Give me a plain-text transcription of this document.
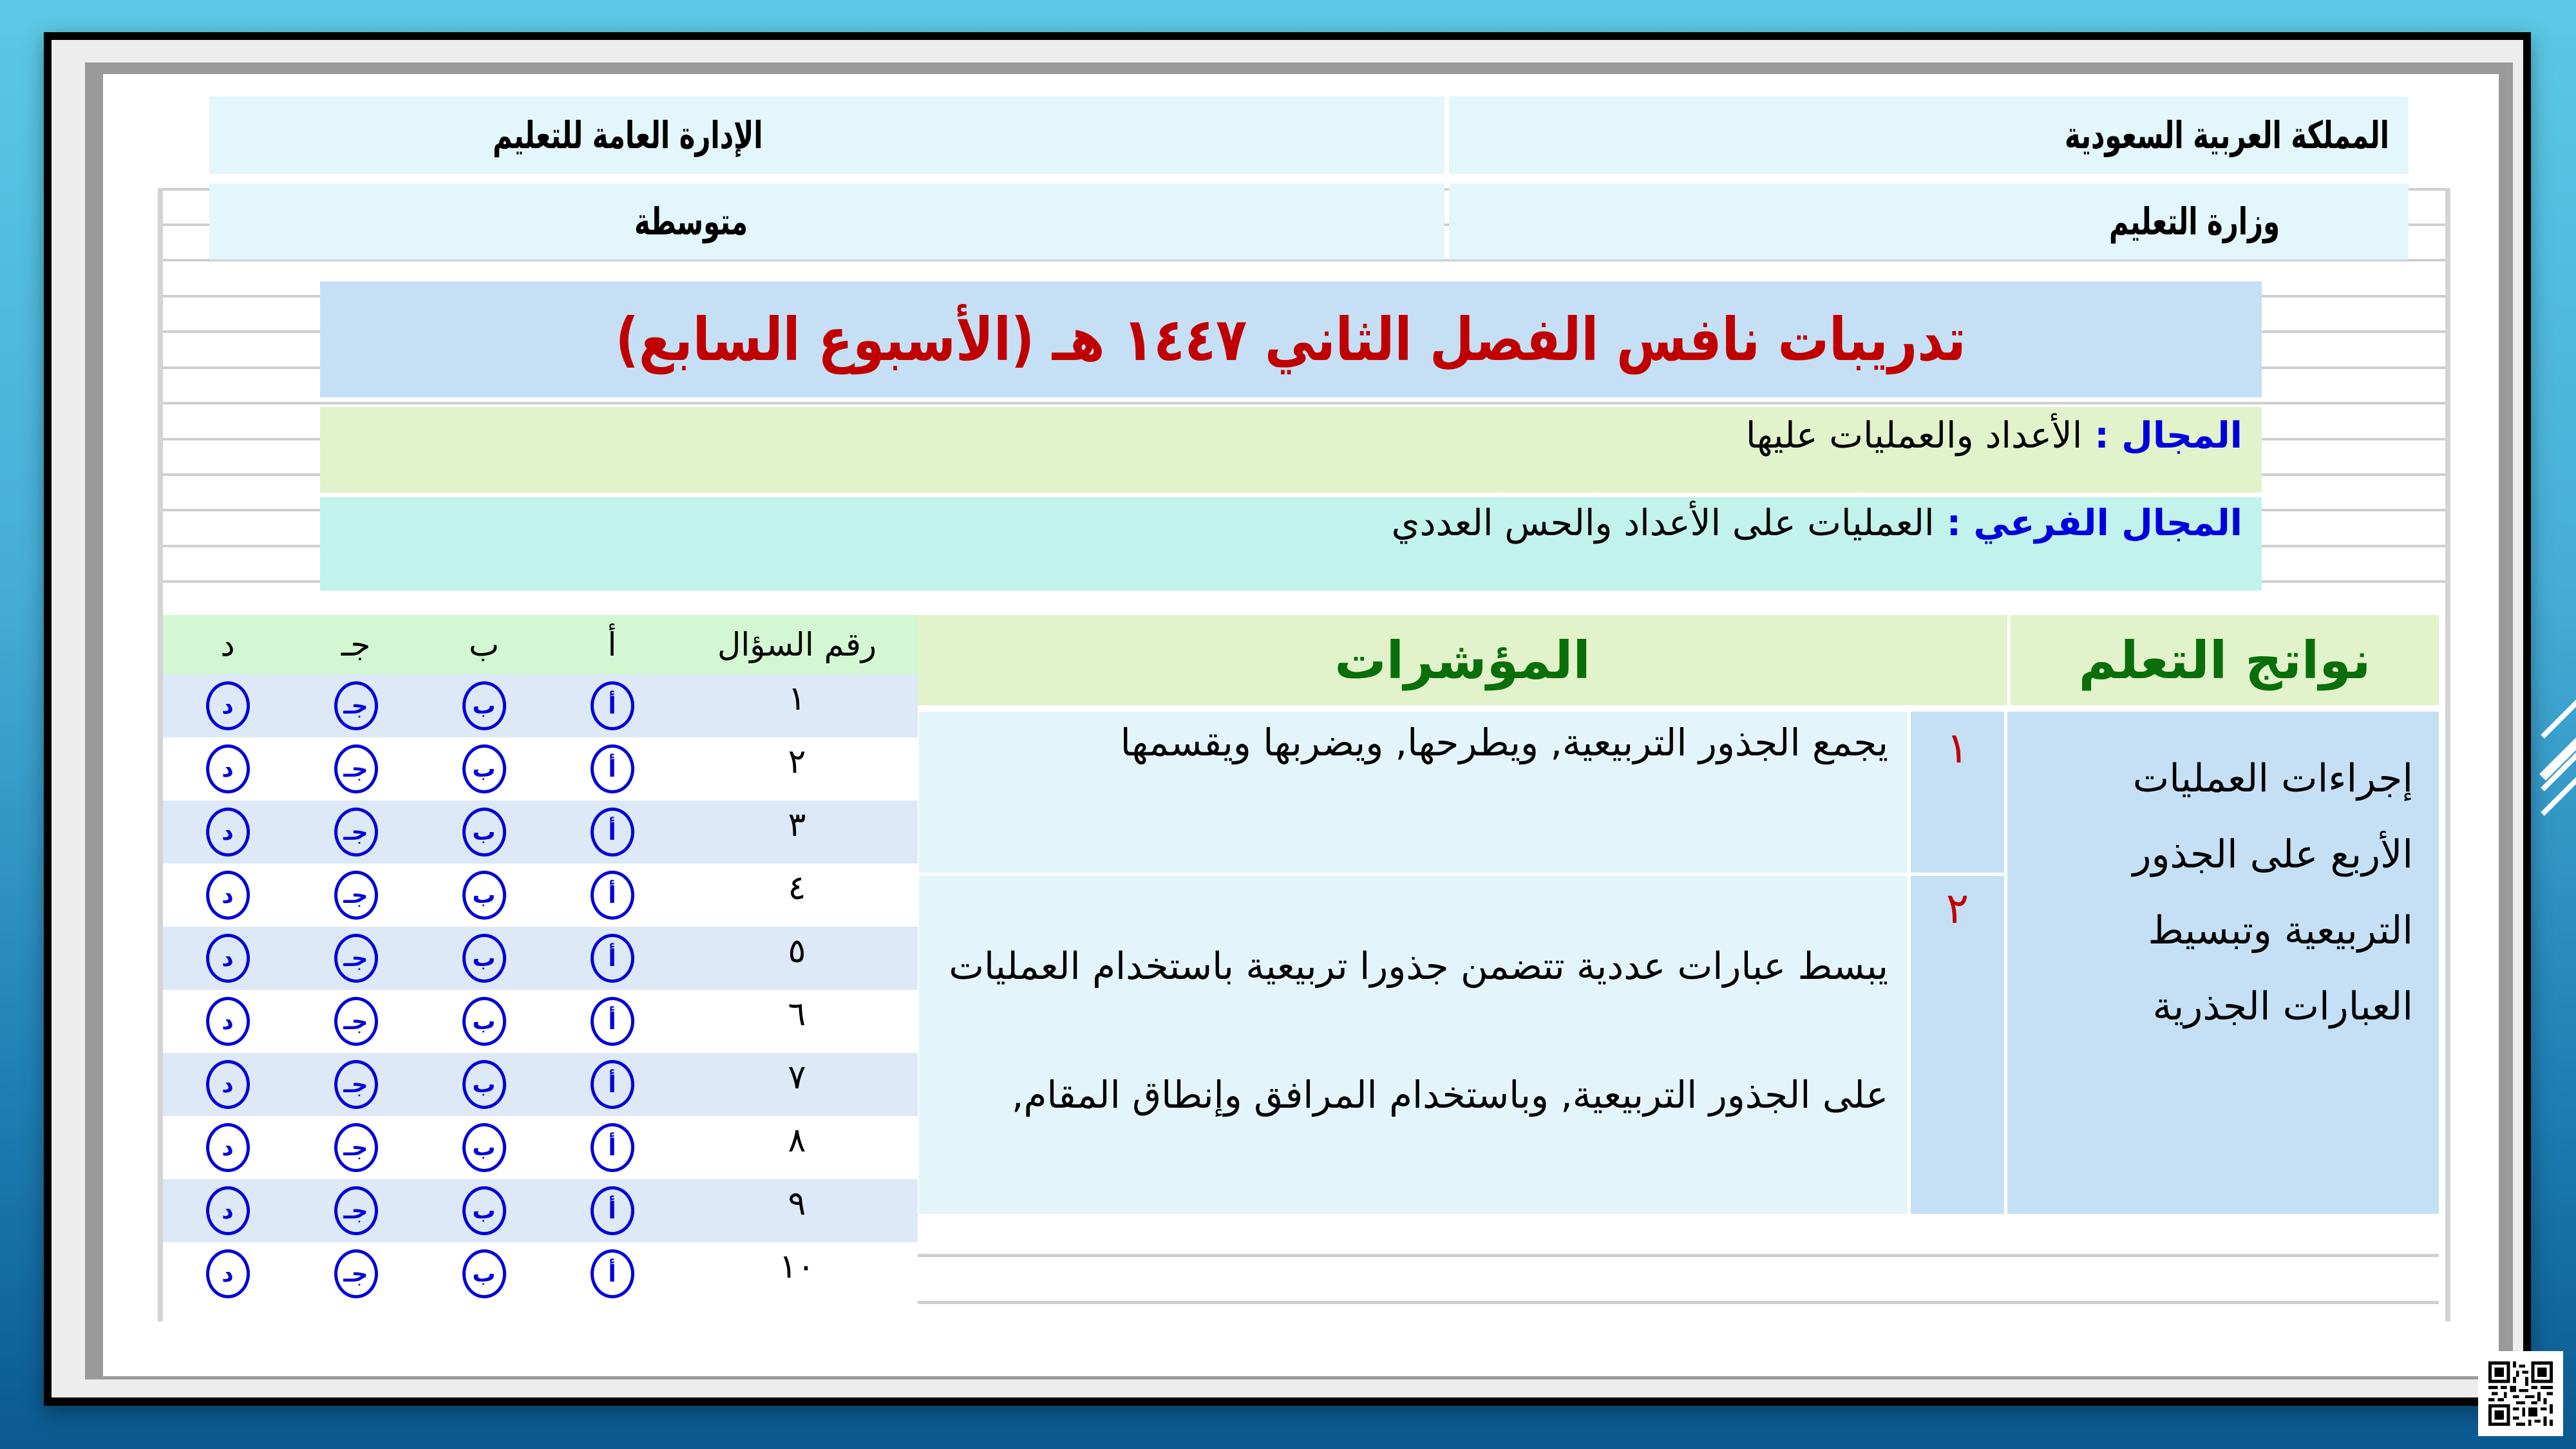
المملكة العربية السعودية
وزارة التعليم
الإدارة العامة للتعليم
متوسطة
تدريبات نافس الفصل الثاني ١٤٤٧ هـ (الأسبوع السابع)
المجال : الأعداد والعمليات عليها
المجال الفرعي : العمليات على الأعداد والحس العددي
رقم السؤال
أ
ب
جـ
د
١
أ
ب
جـ
د
٢
أ
ب
جـ
د
٣
أ
ب
جـ
د
٤
أ
ب
جـ
د
٥
أ
ب
جـ
د
٦
أ
ب
جـ
د
٧
أ
ب
جـ
د
٨
أ
ب
جـ
د
٩
أ
ب
جـ
د
١٠
أ
ب
جـ
د
نواتج التعلم
المؤشرات

إجراءات العمليات

الأربع على الجذور

التربيعية وتبسيط

العبارات الجذرية

١
٢

يجمع الجذور التربيعية, ويطرحها, ويضربها ويقسمها

يبسط عبارات عددية تتضمن جذورا تربيعية باستخدام العمليات على الجذور التربيعية, وباستخدام المرافق وإنطاق المقام,
